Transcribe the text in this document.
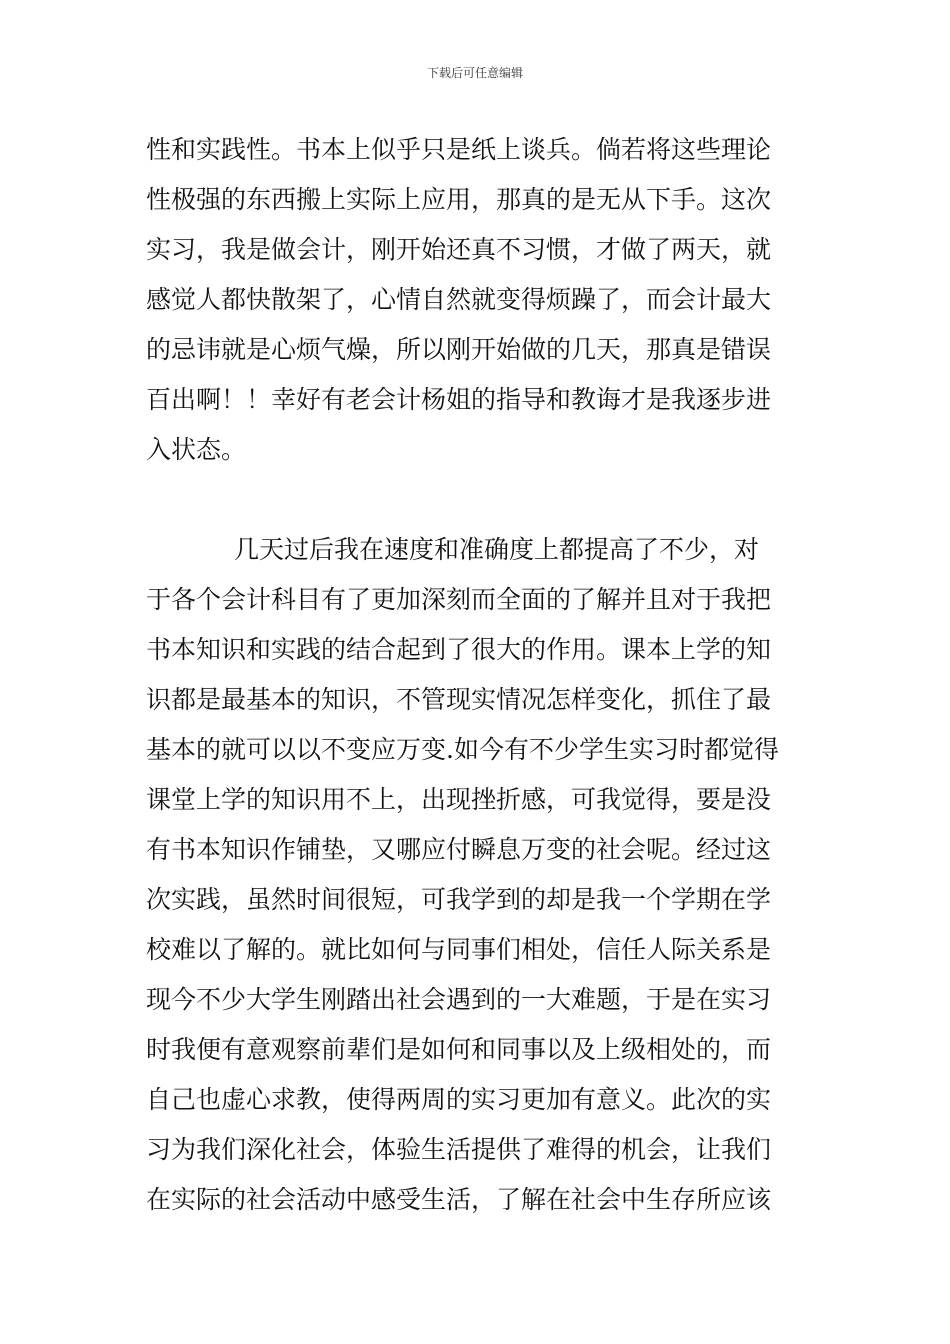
下载后可任意编辑
性和实践性。书本上似乎只是纸上谈兵。倘若将这些理论
性极强的东西搬上实际上应用，那真的是无从下手。这次
实习，我是做会计，刚开始还真不习惯，才做了两天，就
感觉人都快散架了，心情自然就变得烦躁了，而会计最大
的忌讳就是心烦气燥，所以刚开始做的几天，那真是错误
百出啊！！幸好有老会计杨姐的指导和教诲才是我逐步进
入状态。
几天过后我在速度和准确度上都提高了不少，对
于各个会计科目有了更加深刻而全面的了解并且对于我把
书本知识和实践的结合起到了很大的作用。课本上学的知
识都是最基本的知识，不管现实情况怎样变化，抓住了最
基本的就可以以不变应万变.如今有不少学生实习时都觉得
课堂上学的知识用不上，出现挫折感，可我觉得，要是没
有书本知识作铺垫，又哪应付瞬息万变的社会呢。经过这
次实践，虽然时间很短，可我学到的却是我一个学期在学
校难以了解的。就比如何与同事们相处，信任人际关系是
现今不少大学生刚踏出社会遇到的一大难题，于是在实习
时我便有意观察前辈们是如何和同事以及上级相处的，而
自己也虚心求教，使得两周的实习更加有意义。此次的实
习为我们深化社会，体验生活提供了难得的机会，让我们
在实际的社会活动中感受生活，了解在社会中生存所应该
